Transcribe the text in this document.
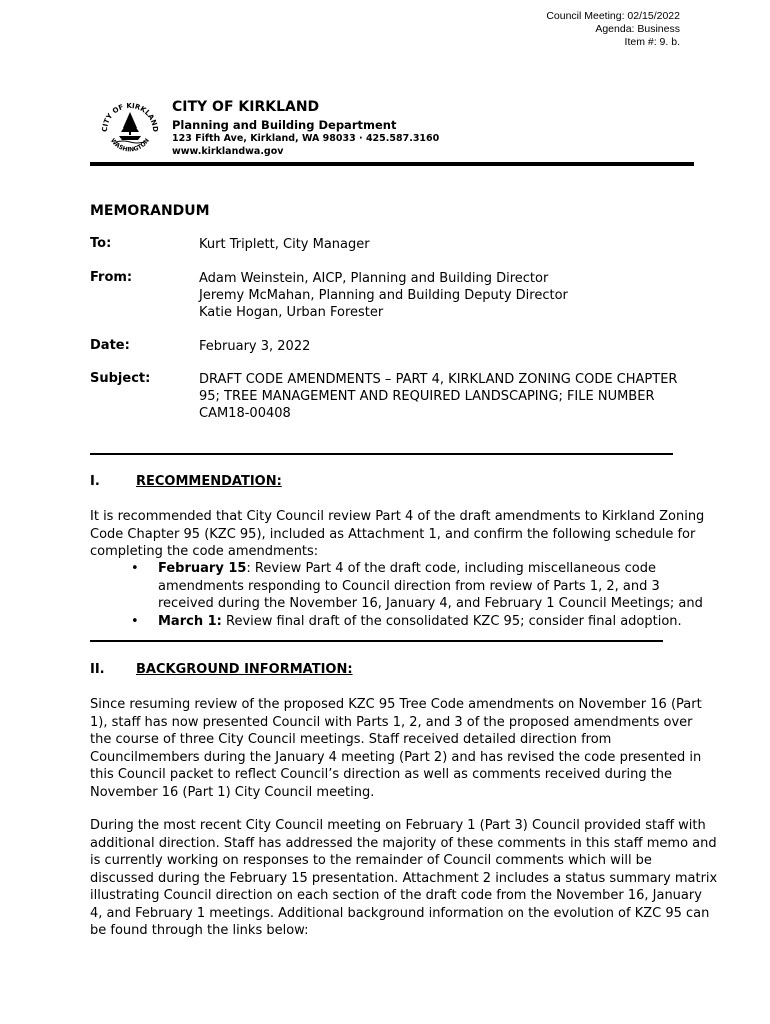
Council Meeting: 02/15/2022
Agenda: Business
Item #: 9. b.
CITY OF KIRKLAND
WASHINGTON
CITY OF KIRKLAND
Planning and Building Department
123 Fifth Ave, Kirkland, WA 98033 · 425.587.3160
www.kirklandwa.gov
MEMORANDUM
To:	Kurt Triplett, City Manager
From:	Adam Weinstein, AICP, Planning and Building Director
Jeremy McMahan, Planning and Building Deputy Director
Katie Hogan, Urban Forester
Date:	February 3, 2022
Subject:	DRAFT CODE AMENDMENTS – PART 4, KIRKLAND ZONING CODE CHAPTER
95; TREE MANAGEMENT AND REQUIRED LANDSCAPING; FILE NUMBER
CAM18-00408
I.	RECOMMENDATION:
It is recommended that City Council review Part 4 of the draft amendments to Kirkland Zoning
Code Chapter 95 (KZC 95), included as Attachment 1, and confirm the following schedule for
completing the code amendments:
• February 15: Review Part 4 of the draft code, including miscellaneous code
amendments responding to Council direction from review of Parts 1, 2, and 3
received during the November 16, January 4, and February 1 Council Meetings; and
• March 1: Review final draft of the consolidated KZC 95; consider final adoption.
II. BACKGROUND INFORMATION:
Since resuming review of the proposed KZC 95 Tree Code amendments on November 16 (Part
1), staff has now presented Council with Parts 1, 2, and 3 of the proposed amendments over
the course of three City Council meetings. Staff received detailed direction from
Councilmembers during the January 4 meeting (Part 2) and has revised the code presented in
this Council packet to reflect Council’s direction as well as comments received during the
November 16 (Part 1) City Council meeting.
During the most recent City Council meeting on February 1 (Part 3) Council provided staff with
additional direction. Staff has addressed the majority of these comments in this staff memo and
is currently working on responses to the remainder of Council comments which will be
discussed during the February 15 presentation. Attachment 2 includes a status summary matrix
illustrating Council direction on each section of the draft code from the November 16, January
4, and February 1 meetings. Additional background information on the evolution of KZC 95 can
be found through the links below:
